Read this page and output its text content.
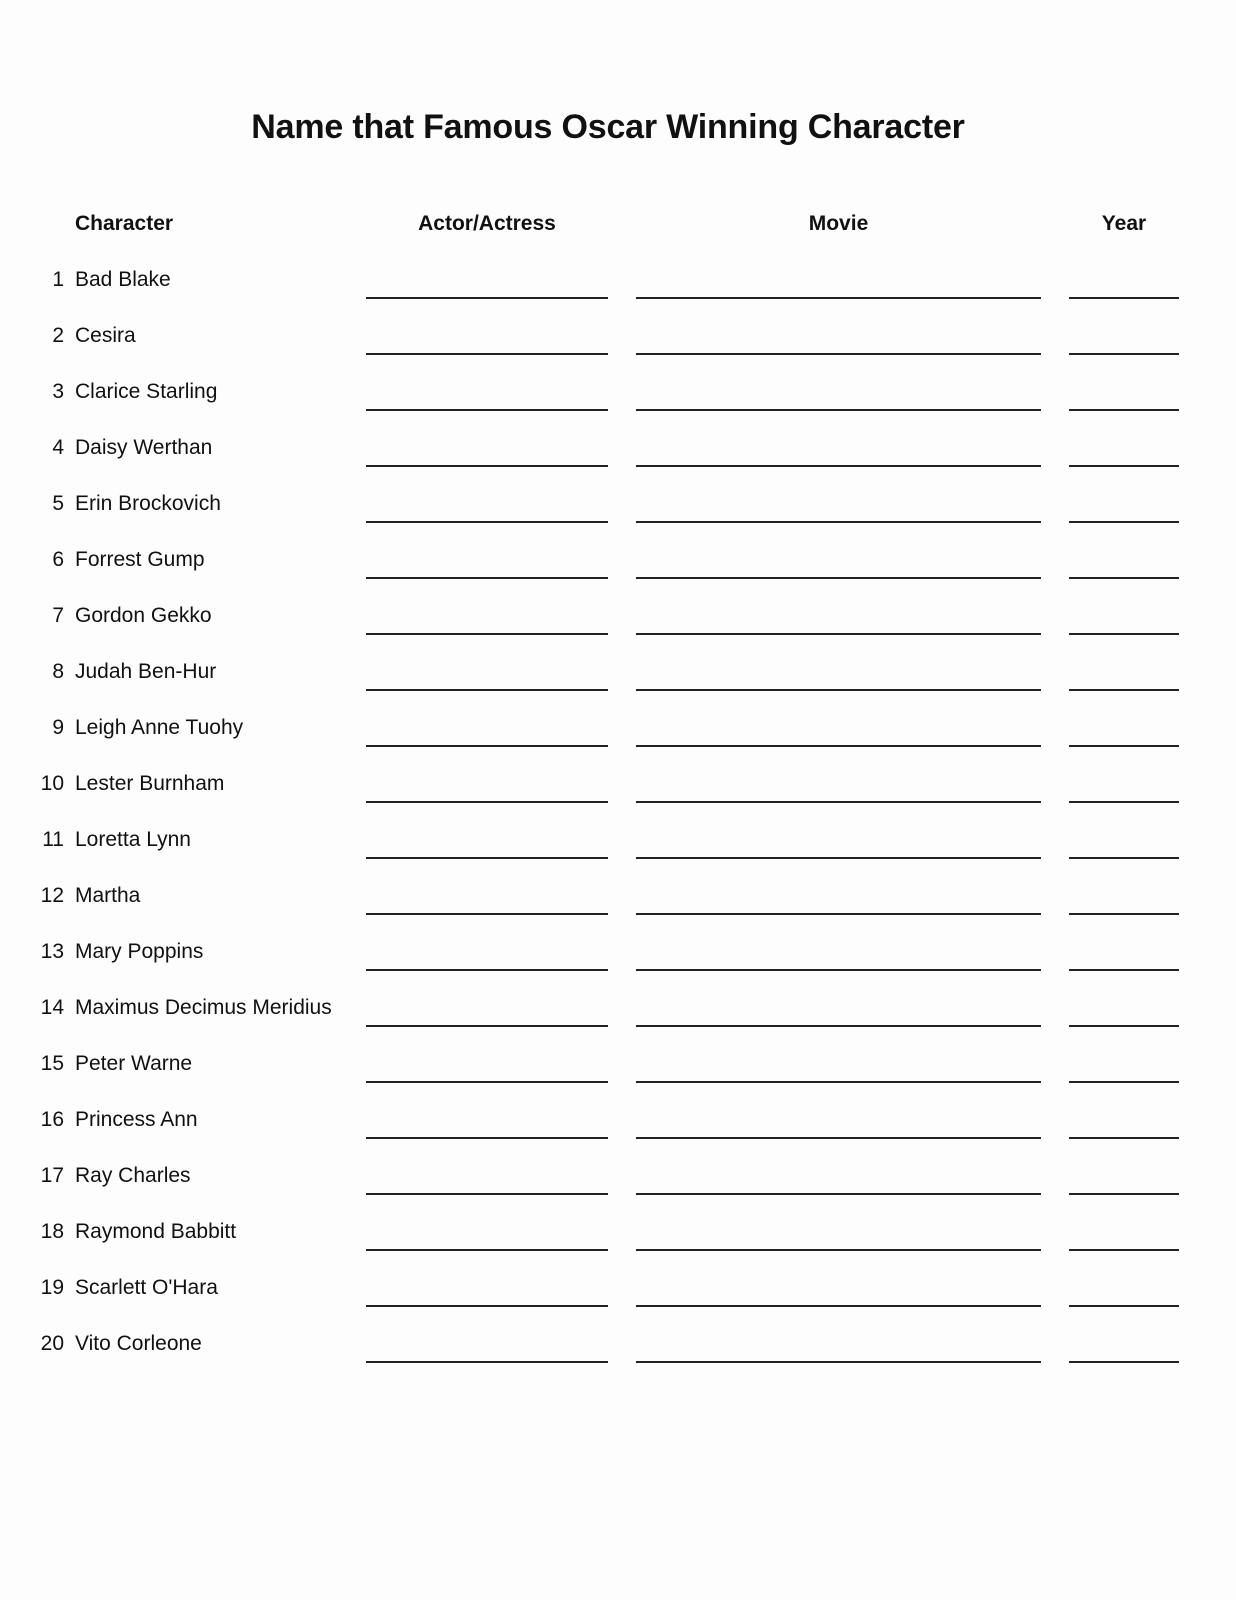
Name that Famous Oscar Winning Character
Character	Actor/Actress	Movie	Year
1 Bad Blake
2 Cesira
3 Clarice Starling
4 Daisy Werthan
5 Erin Brockovich
6 Forrest Gump
7 Gordon Gekko
8 Judah Ben-Hur
9 Leigh Anne Tuohy
10 Lester Burnham
11 Loretta Lynn
12 Martha
13 Mary Poppins
14 Maximus Decimus Meridius
15 Peter Warne
16 Princess Ann
17 Ray Charles
18 Raymond Babbitt
19 Scarlett O'Hara
20 Vito Corleone
